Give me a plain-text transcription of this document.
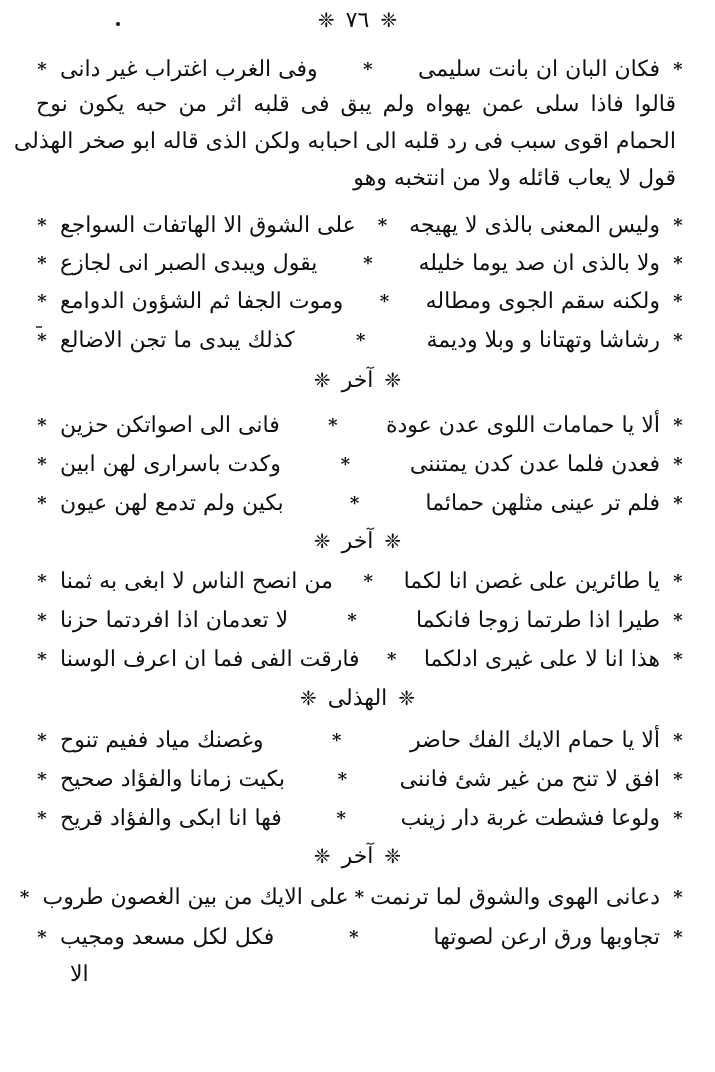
❈ ٧٦ ❈
*
فكان البان ان بانت سليمى
*
وفى الغرب اغتراب غير دانى
*
قالوا فاذا سلى عمن يهواه ولم يبق فى قلبه اثر من حبه يكون نوح
الحمام اقوى سبب فى رد قلبه الى احبابه ولكن الذى قاله ابو صخر الهذلى
قول لا يعاب قائله ولا من انتخبه وهو
*
وليس المعنى بالذى لا يهيجه
*
على الشوق الا الهاتفات السواجع
*
*
ولا بالذى ان صد يوما خليله
*
يقول ويبدى الصبر انى لجازع
*
*
ولكنه سقم الجوى ومطاله
*
وموت الجفا ثم الشؤون الدوامع
*
*
رشاشا وتهتانا و وبلا وديمة
*
كذلك يبدى ما تجن الاضالع
*
❈ آخر ❈
*
ألا يا حمامات اللوى عدن عودة
*
فانى الى اصواتكن حزين
*
*
فعدن فلما عدن كدن يمتننى
*
وكدت باسرارى لهن ابين
*
*
فلم تر عينى مثلهن حمائما
*
بكين ولم تدمع لهن عيون
*
❈ آخر ❈
*
يا طائرين على غصن انا لكما
*
من انصح الناس لا ابغى به ثمنا
*
*
طيرا اذا طرتما زوجا فانكما
*
لا تعدمان اذا افردتما حزنا
*
*
هذا انا لا على غيرى ادلكما
*
فارقت الفى فما ان اعرف الوسنا
*
❈ الهذلى ❈
*
ألا يا حمام الايك الفك حاضر
*
وغصنك مياد ففيم تنوح
*
*
افق لا تنح من غير شئ فاننى
*
بكيت زمانا والفؤاد صحيح
*
*
ولوعا فشطت غربة دار زينب
*
فها انا ابكى والفؤاد قريح
*
❈ آخر ❈
*
دعانى الهوى والشوق لما ترنمت
*
على الايك من بين الغصون طروب
*
*
تجاوبها ورق ارعن لصوتها
*
فكل لكل مسعد ومجيب
*
الا
